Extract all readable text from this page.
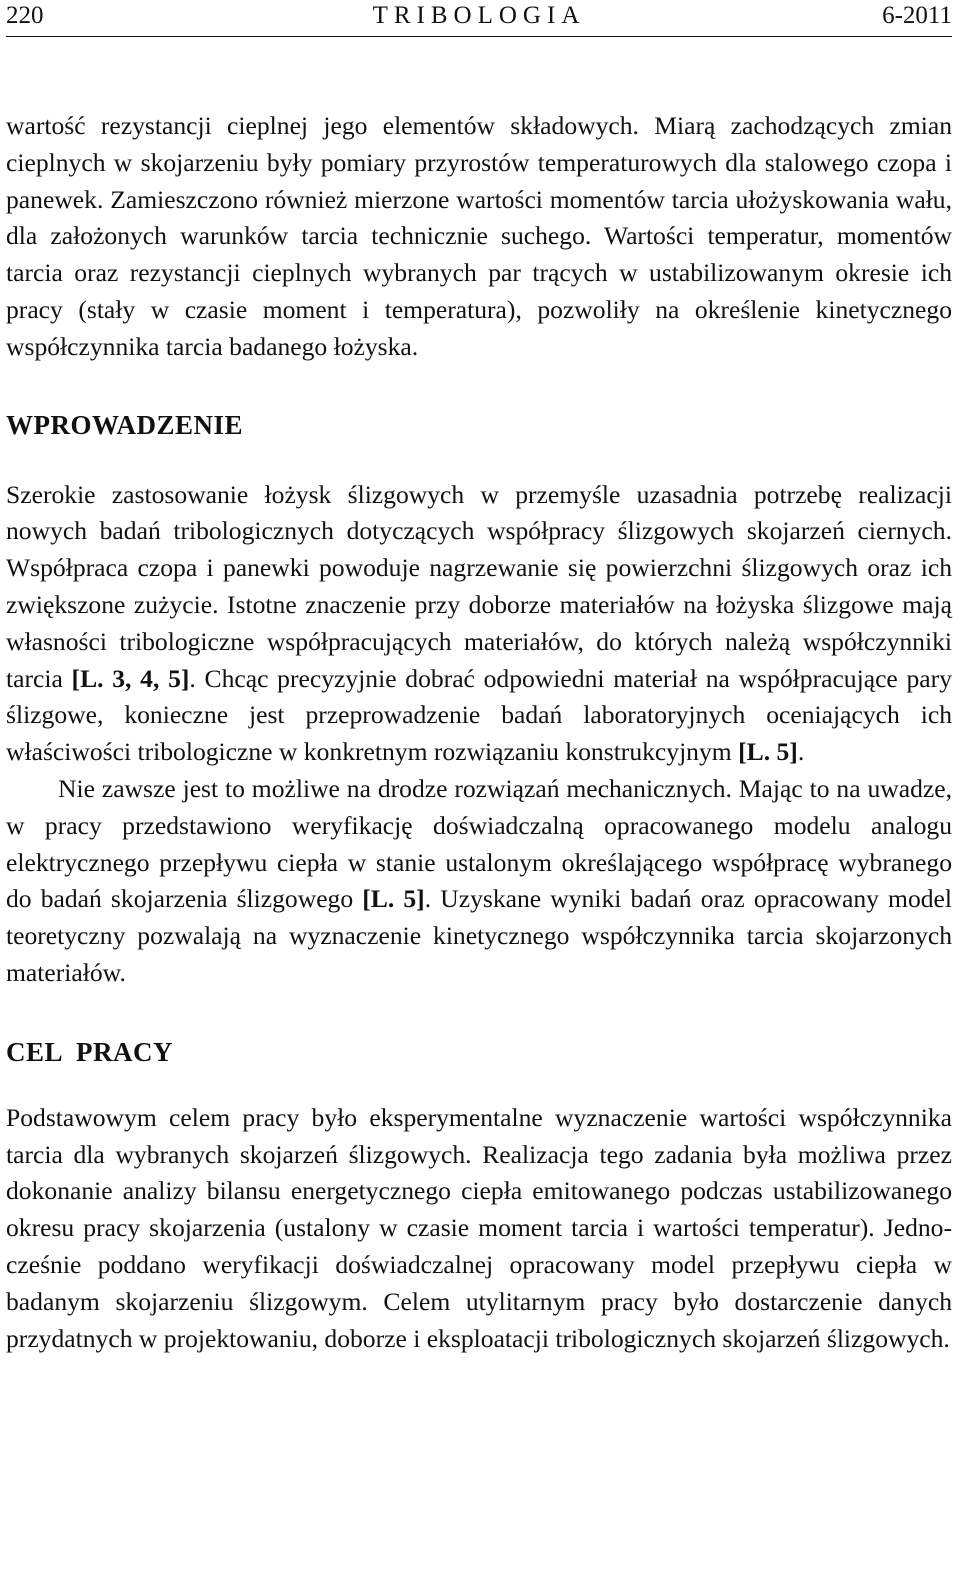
220	TRIBOLOGIA	6-2011

wartość rezystancji cieplnej jego elementów składowych. Miarą zachodzących zmian cieplnych w skojarzeniu były pomiary przyrostów temperaturowych dla stalowego czopa i panewek. Zamieszczono również mierzone wartości momentów tarcia ułożyskowania wału, dla założonych warunków tarcia technicznie suchego. Wartości temperatur, momentów tarcia oraz rezystancji cieplnych wybranych par trących w ustabilizowanym okresie ich pracy (stały w czasie moment i temperatura), pozwoliły na określenie kinetycznego współczynnika tarcia badanego łożyska.

WPROWADZENIE

Szerokie zastosowanie łożysk ślizgowych w przemyśle uzasadnia potrzebę realizacji nowych badań tribologicznych dotyczących współpracy ślizgowych skojarzeń ciernych. Współpraca czopa i panewki powoduje nagrzewanie się powierzchni ślizgowych oraz ich zwiększone zużycie. Istotne znaczenie przy doborze materiałów na łożyska ślizgowe mają własności tribologiczne współpracujących materiałów, do których należą współczynniki tarcia [L. 3, 4, 5]. Chcąc precyzyjnie dobrać odpowiedni materiał na współpracujące pary ślizgowe, konieczne jest przeprowadzenie badań laboratoryjnych oceniających ich właściwości tribologiczne w konkretnym rozwiązaniu konstrukcyjnym [L. 5].

Nie zawsze jest to możliwe na drodze rozwiązań mechanicznych. Mając to na uwadze, w pracy przedstawiono weryfikację doświadczalną opracowanego modelu analogu elektrycznego przepływu ciepła w stanie ustalonym określającego współpracę wybranego do badań skojarzenia ślizgowego [L. 5]. Uzyskane wyniki badań oraz opracowany model teoretyczny pozwalają na wyznaczenie kinetycznego współczynnika tarcia skojarzonych materiałów.

CEL  PRACY

Podstawowym celem pracy było eksperymentalne wyznaczenie wartości współczynnika tarcia dla wybranych skojarzeń ślizgowych. Realizacja tego zadania była możliwa przez dokonanie analizy bilansu energetycznego ciepła emitowanego podczas ustabilizowanego okresu pracy skojarzenia (ustalony w czasie moment tarcia i wartości temperatur). Jednocześnie poddano weryfikacji doświadczalnej opracowany model przepływu ciepła w badanym skojarzeniu ślizgowym. Celem utylitarnym pracy było dostarczenie danych przydatnych w projektowaniu, doborze i eksploatacji tribologicznych skojarzeń ślizgowych.
